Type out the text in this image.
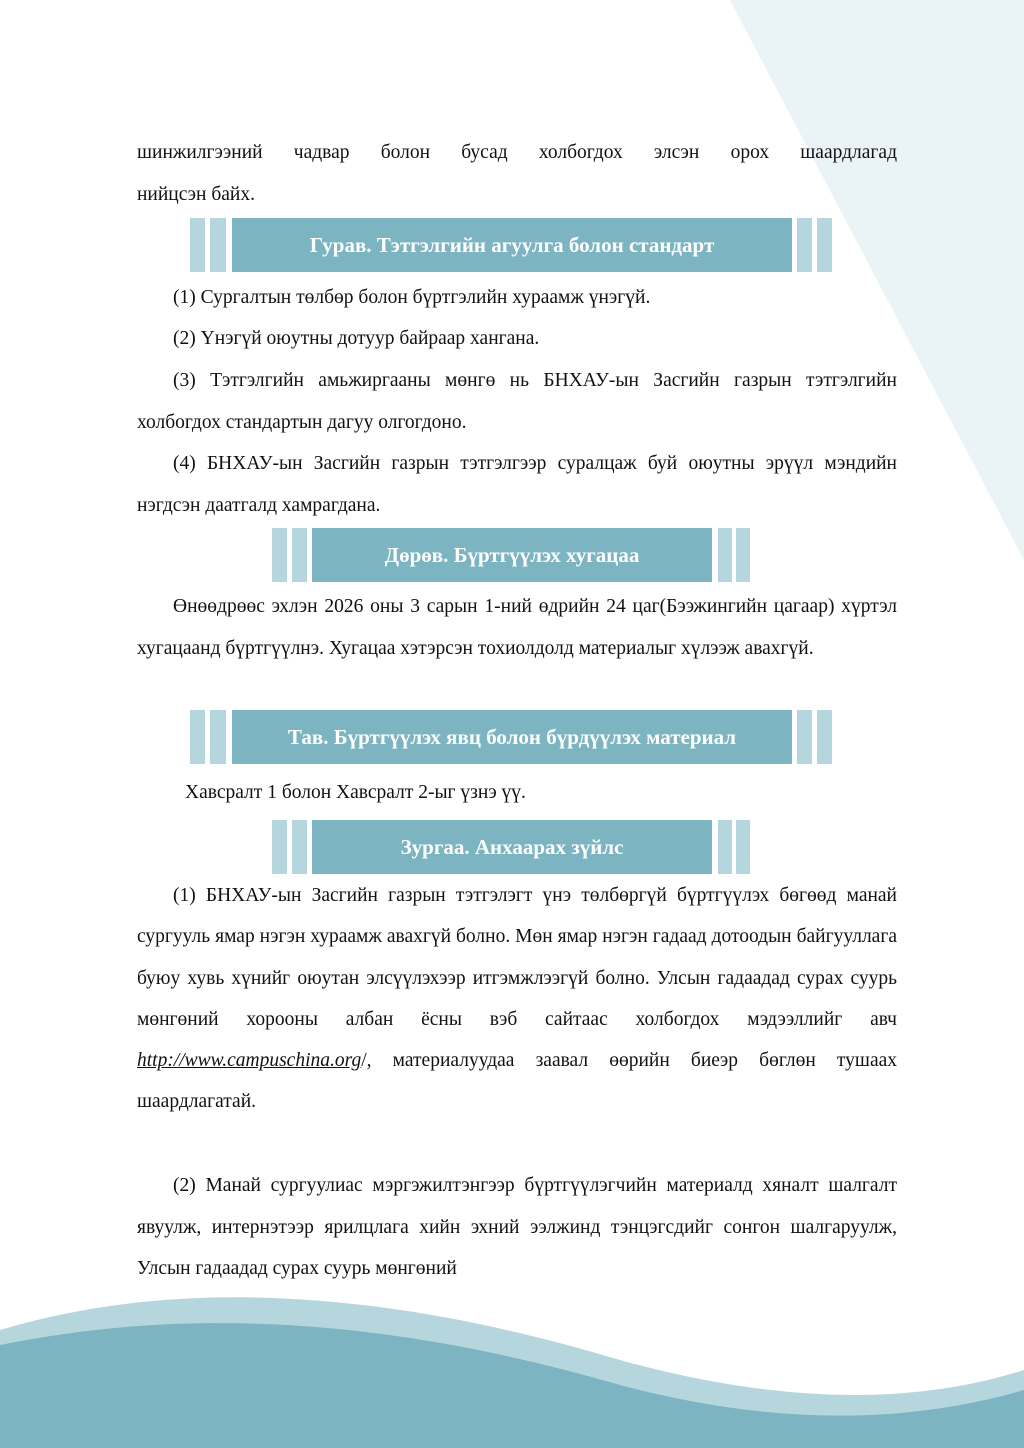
шинжилгээний чадвар болон бусад холбогдох элсэн орох шаардлагад
нийцсэн байх.
Гурав. Тэтгэлгийн агуулга болон стандарт
(1) Сургалтын төлбөр болон бүртгэлийн хураамж үнэгүй.
(2) Үнэгүй оюутны дотуур байраар хангана.
(3) Тэтгэлгийн амьжиргааны мөнгө нь БНХАУ-ын Засгийн газрын тэтгэлгийн холбогдох стандартын дагуу олгогдоно.
(4) БНХАУ-ын Засгийн газрын тэтгэлгээр суралцаж буй оюутны эрүүл мэндийн нэгдсэн даатгалд хамрагдана.
Дөрөв. Бүртгүүлэх хугацаа
Өнөөдрөөс эхлэн 2026 оны 3 сарын 1-ний өдрийн 24 цаг(Бээжингийн цагаар) хүртэл хугацаанд бүртгүүлнэ. Хугацаа хэтэрсэн тохиолдолд материалыг хүлээж авахгүй.
Тав. Бүртгүүлэх явц болон бүрдүүлэх материал
Хавсралт 1 болон Хавсралт 2-ыг үзнэ үү.
Зургаа. Анхаарах зүйлс
(1) БНХАУ-ын Засгийн газрын тэтгэлэгт үнэ төлбөргүй бүртгүүлэх бөгөөд манай сургууль ямар нэгэн хураамж авахгүй болно. Мөн ямар нэгэн гадаад дотоодын байгууллага буюу хувь хүнийг оюутан элсүүлэхээр итгэмжлээгүй болно. Улсын гадаадад сурах суурь мөнгөний хорооны албан ёсны вэб сайтаас холбогдох мэдээллийг авч http://www.campuschina.org/, материалуудаа заавал өөрийн биеэр бөглөн тушаах шаардлагатай.
(2) Манай сургуулиас мэргэжилтэнгээр бүртгүүлэгчийн материалд хяналт шалгалт явуулж, интернэтээр ярилцлага хийн эхний ээлжинд тэнцэгсдийг сонгон шалгаруулж, Улсын гадаадад сурах суурь мөнгөний
